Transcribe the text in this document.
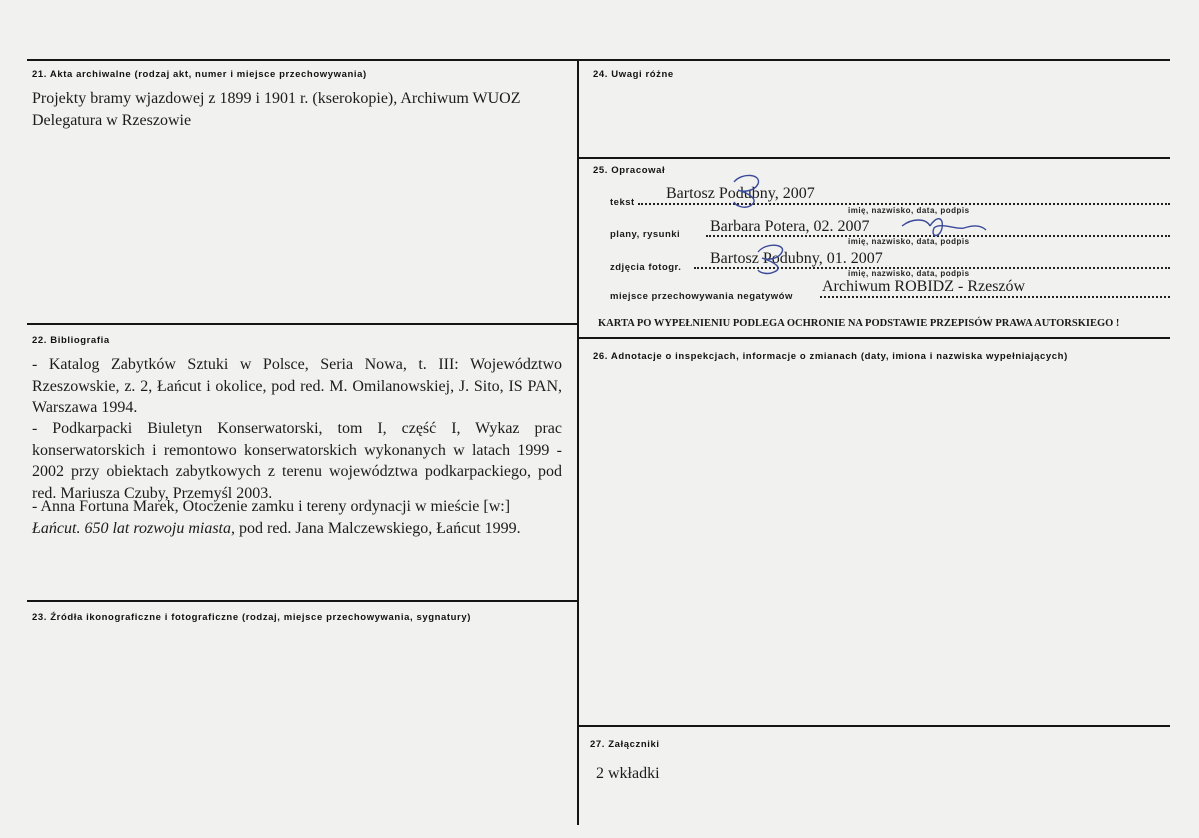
21. Akta archiwalne (rodzaj akt, numer i miejsce przechowywania)
Projekty bramy wjazdowej z 1899 i 1901 r. (kserokopie), Archiwum WUOZ Delegatura w Rzeszowie
22. Bibliografia
- Katalog Zabytków Sztuki w Polsce, Seria Nowa, t. III: Województwo Rzeszowskie, z. 2, Łańcut i okolice, pod red. M. Omilanowskiej, J. Sito, IS PAN, Warszawa 1994.
- Podkarpacki Biuletyn Konserwatorski, tom I, część I, Wykaz prac konserwatorskich i remontowo konserwatorskich wykonanych w latach 1999 - 2002 przy obiektach zabytkowych z terenu województwa podkarpackiego, pod red. Mariusza Czuby, Przemyśl 2003.
- Anna Fortuna Marek, Otoczenie zamku i tereny ordynacji w mieście [w:]
Łańcut. 650 lat rozwoju miasta, pod red. Jana Malczewskiego, Łańcut 1999.
23. Źródła ikonograficzne i fotograficzne (rodzaj, miejsce przechowywania, sygnatury)
24. Uwagi różne
25. Opracował
tekst
Bartosz Podubny, 2007
imię, nazwisko, data, podpis
plany, rysunki Barbara Potera, 02. 2007
imię, nazwisko, data, podpis
zdjęcia fotogr.
Bartosz Podubny, 01. 2007
imię, nazwisko, data, podpis
miejsce przechowywania negatywów
Archiwum ROBIDZ - Rzeszów
KARTA PO WYPEŁNIENIU PODLEGA OCHRONIE NA PODSTAWIE PRZEPISÓW PRAWA AUTORSKIEGO !
26. Adnotacje o inspekcjach, informacje o zmianach (daty, imiona i nazwiska wypełniających)
27. Załączniki
2 wkładki
